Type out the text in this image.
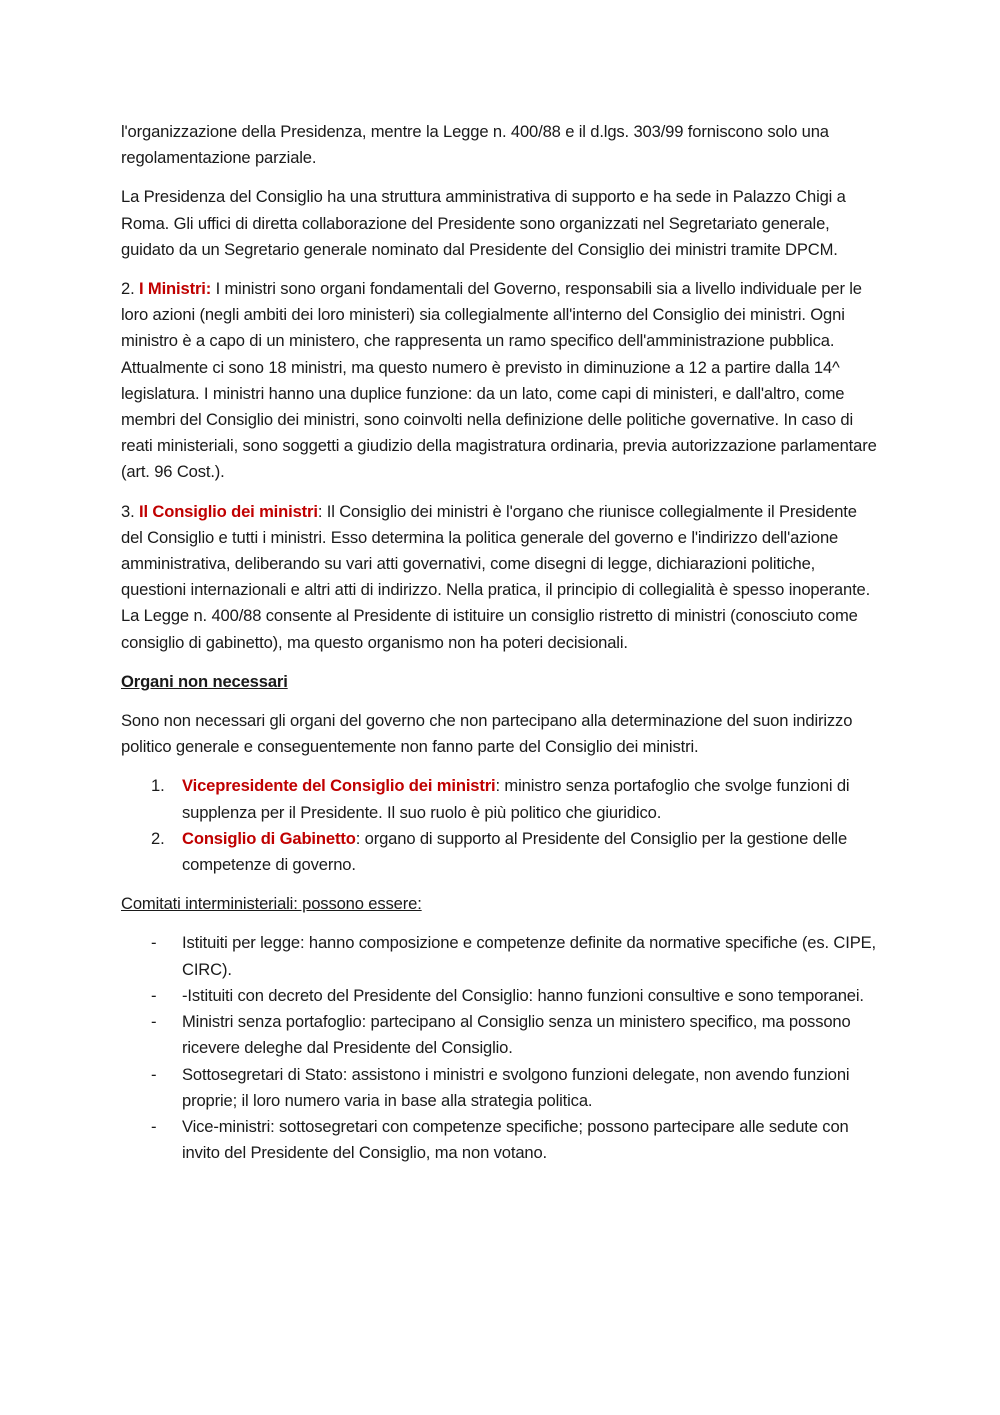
l'organizzazione della Presidenza, mentre la Legge n. 400/88 e il d.lgs. 303/99 forniscono solo una regolamentazione parziale.

La Presidenza del Consiglio ha una struttura amministrativa di supporto e ha sede in Palazzo Chigi a Roma. Gli uffici di diretta collaborazione del Presidente sono organizzati nel Segretariato generale, guidato da un Segretario generale nominato dal Presidente del Consiglio dei ministri tramite DPCM.

2. I Ministri: I ministri sono organi fondamentali del Governo, responsabili sia a livello individuale per le loro azioni (negli ambiti dei loro ministeri) sia collegialmente all'interno del Consiglio dei ministri. Ogni ministro è a capo di un ministero, che rappresenta un ramo specifico dell'amministrazione pubblica. Attualmente ci sono 18 ministri, ma questo numero è previsto in diminuzione a 12 a partire dalla 14^ legislatura. I ministri hanno una duplice funzione: da un lato, come capi di ministeri, e dall'altro, come membri del Consiglio dei ministri, sono coinvolti nella definizione delle politiche governative. In caso di reati ministeriali, sono soggetti a giudizio della magistratura ordinaria, previa autorizzazione parlamentare (art. 96 Cost.).

3. Il Consiglio dei ministri: Il Consiglio dei ministri è l'organo che riunisce collegialmente il Presidente del Consiglio e tutti i ministri. Esso determina la politica generale del governo e l'indirizzo dell'azione amministrativa, deliberando su vari atti governativi, come disegni di legge, dichiarazioni politiche, questioni internazionali e altri atti di indirizzo. Nella pratica, il principio di collegialità è spesso inoperante. La Legge n. 400/88 consente al Presidente di istituire un consiglio ristretto di ministri (conosciuto come consiglio di gabinetto), ma questo organismo non ha poteri decisionali.

Organi non necessari

Sono non necessari gli organi del governo che non partecipano alla determinazione del suon indirizzo politico generale e conseguentemente non fanno parte del Consiglio dei ministri.

1. Vicepresidente del Consiglio dei ministri: ministro senza portafoglio che svolge funzioni di supplenza per il Presidente. Il suo ruolo è più politico che giuridico.
2. Consiglio di Gabinetto: organo di supporto al Presidente del Consiglio per la gestione delle competenze di governo.

Comitati interministeriali: possono essere:

- Istituiti per legge: hanno composizione e competenze definite da normative specifiche (es. CIPE, CIRC).
- -Istituiti con decreto del Presidente del Consiglio: hanno funzioni consultive e sono temporanei.
- Ministri senza portafoglio: partecipano al Consiglio senza un ministero specifico, ma possono ricevere deleghe dal Presidente del Consiglio.
- Sottosegretari di Stato: assistono i ministri e svolgono funzioni delegate, non avendo funzioni proprie; il loro numero varia in base alla strategia politica.
- Vice-ministri: sottosegretari con competenze specifiche; possono partecipare alle sedute con invito del Presidente del Consiglio, ma non votano.
